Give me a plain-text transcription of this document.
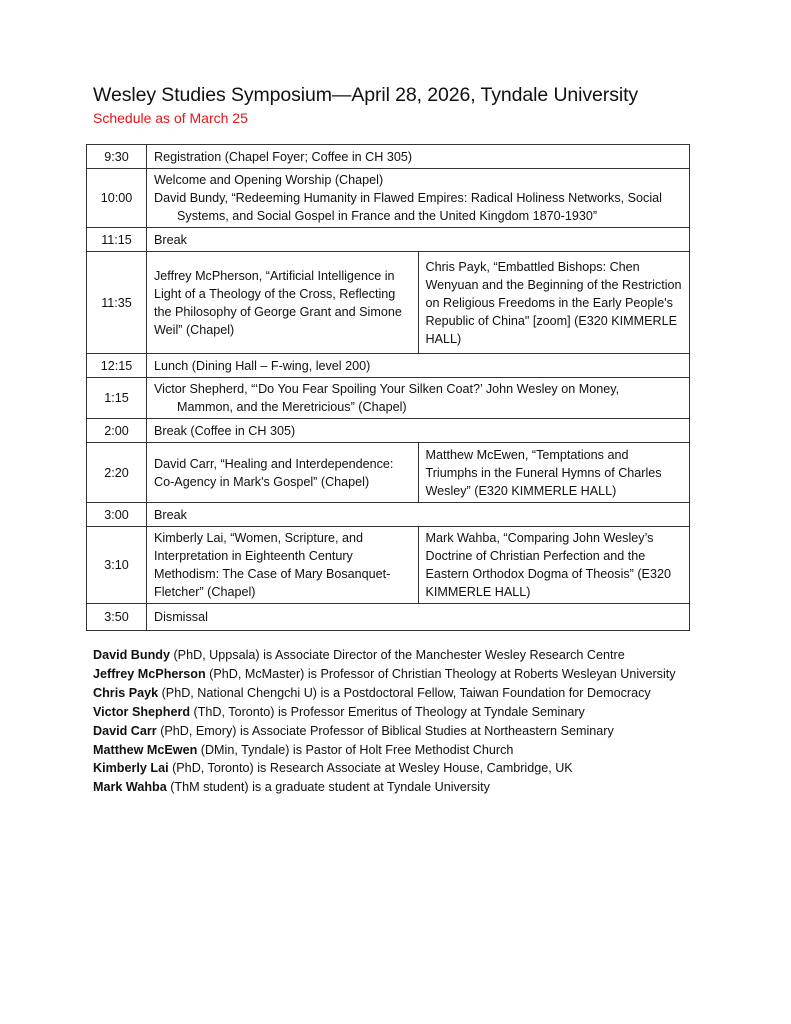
Wesley Studies Symposium—April 28, 2026, Tyndale University
Schedule as of March 25
9:30	Registration (Chapel Foyer; Coffee in CH 305)	
10:00	Welcome and Opening Worship (Chapel)
David Bundy, “Redeeming Humanity in Flawed Empires: Radical Holiness Networks, Social
Systems, and Social Gospel in France and the United Kingdom 1870-1930”	

11:15	Break	
11:35	Jeffrey McPherson, “Artificial Intelligence in Light of a Theology of the Cross, Reflecting the Philosophy of George Grant and Simone Weil” (Chapel)	Chris Payk, “Embattled Bishops: Chen Wenyuan and the Beginning of the Restriction on Religious Freedoms in the Early People's Republic of China" [zoom] (E320 KIMMERLE HALL)
12:15	Lunch (Dining Hall – F-wing, level 200)	
1:15	Victor Shepherd, “‘Do You Fear Spoiling Your Silken Coat?’ John Wesley on Money,
Mammon, and the Meretricious” (Chapel)	

2:00	Break (Coffee in CH 305)	
2:20	David Carr, “Healing and Interdependence: Co-Agency in Mark's Gospel” (Chapel)	Matthew McEwen, “Temptations and Triumphs in the Funeral Hymns of Charles Wesley” (E320 KIMMERLE HALL)
3:00	Break	
3:10	Kimberly Lai, “Women, Scripture, and Interpretation in Eighteenth Century Methodism: The Case of Mary Bosanquet-Fletcher” (Chapel)	Mark Wahba, “Comparing John Wesley’s Doctrine of Christian Perfection and the Eastern Orthodox Dogma of Theosis” (E320 KIMMERLE HALL)
3:50	Dismissal	
David Bundy (PhD, Uppsala) is Associate Director of the Manchester Wesley Research Centre
Jeffrey McPherson (PhD, McMaster) is Professor of Christian Theology at Roberts Wesleyan University
Chris Payk (PhD, National Chengchi U) is a Postdoctoral Fellow, Taiwan Foundation for Democracy
Victor Shepherd (ThD, Toronto) is Professor Emeritus of Theology at Tyndale Seminary
David Carr (PhD, Emory) is Associate Professor of Biblical Studies at Northeastern Seminary
Matthew McEwen (DMin, Tyndale) is Pastor of Holt Free Methodist Church
Kimberly Lai (PhD, Toronto) is Research Associate at Wesley House, Cambridge, UK
Mark Wahba (ThM student) is a graduate student at Tyndale University
